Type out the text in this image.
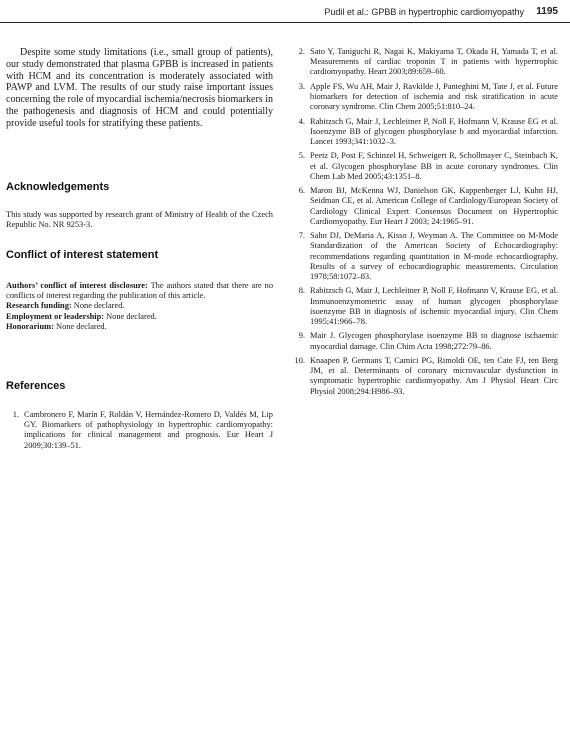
Pudil et al.: GPBB in hypertrophic cardiomyopathy 1195

Despite some study limitations (i.e., small group of patients), our study demonstrated that plasma GPBB is increased in patients with HCM and its concentration is moderately associated with PAWP and LVM. The results of our study raise important issues concerning the role of myocardial ischemia/necrosis biomarkers in the pathogenesis and diagnosis of HCM and could potentially provide useful tools for stratifying these patients.

Acknowledgements

This study was supported by research grant of Ministry of Health of the Czech Republic No. NR 9253-3.

Conflict of interest statement

Authors’ conflict of interest disclosure: The authors stated that there are no conflicts of interest regarding the publication of this article.

Research funding: None declared.

Employment or leadership: None declared.

Honorarium: None declared.

References
1. Cambronero F, Marín F, Roldán V, Hernández-Romero D, Valdés M, Lip GY. Biomarkers of pathophysiology in hypertrophic cardiomyopathy: implications for clinical management and prognosis. Eur Heart J 2009;30:139–51.
2. Sato Y, Taniguchi R, Nagai K, Makiyama T, Okada H, Yamada T, et al. Measurements of cardiac troponin T in patients with hypertrophic cardiomyopathy. Heart 2003;89:659–60.
3. Apple FS, Wu AH, Mair J, Ravkilde J, Panteghini M, Tate J, et al. Future biomarkers for detection of ischemia and risk stratification in acute coronary syndrome. Clin Chem 2005;51:810–24.
4. Rabitzsch G, Mair J, Lechleitner P, Noll F, Hofmann V, Krause EG et al. Isoenzyme BB of glycogen phosphorylase b and myocardial infarction. Lancet 1993;341:1032–3.
5. Peetz D, Post F, Schinzel H, Schweigert R, Schollmayer C, Steinbach K, et al. Glycogen phosphorylase BB in acute coronary syndromes. Clin Chem Lab Med 2005;43:1351–8.
6. Maron BJ, McKenna WJ, Danielson GK, Kappenberger LJ, Kuhn HJ, Seidman CE, et al. American College of Cardiology/European Society of Cardiology Clinical Expert Consensus Document on Hypertrophic Cardiomyopathy. Eur Heart J 2003; 24:1965–91.
7. Sahn DJ, DeMaria A, Kisso J, Weyman A. The Committee on M-Mode Standardization of the American Society of Echocardiography: recommendations regarding quantitation in M-mode echocardiography. Results of a survey of echocardiographic measurements. Circulation 1978;58:1072–83.
8. Rabitzsch G, Mair J, Lechleitner P, Noll F, Hofmann V, Krause EG, et al. Immunoenzymometric assay of human glycogen phosphorylase isoenzyme BB in diagnosis of ischemic myocardial injury. Clin Chem 1995;41:966–78.
9. Mair J. Glycogen phosphorylase isoenzyme BB to diagnose ischaemic myocardial damage. Clin Chim Acta 1998;272:79–86.
10. Knaapen P, Germans T, Camici PG, Rimoldi OE, ten Cate FJ, ten Berg JM, et al. Determinants of coronary microvascular dysfunction in symptomatic hypertrophic cardiomyopathy. Am J Physiol Heart Circ Physiol 2008;294:H986–93.
